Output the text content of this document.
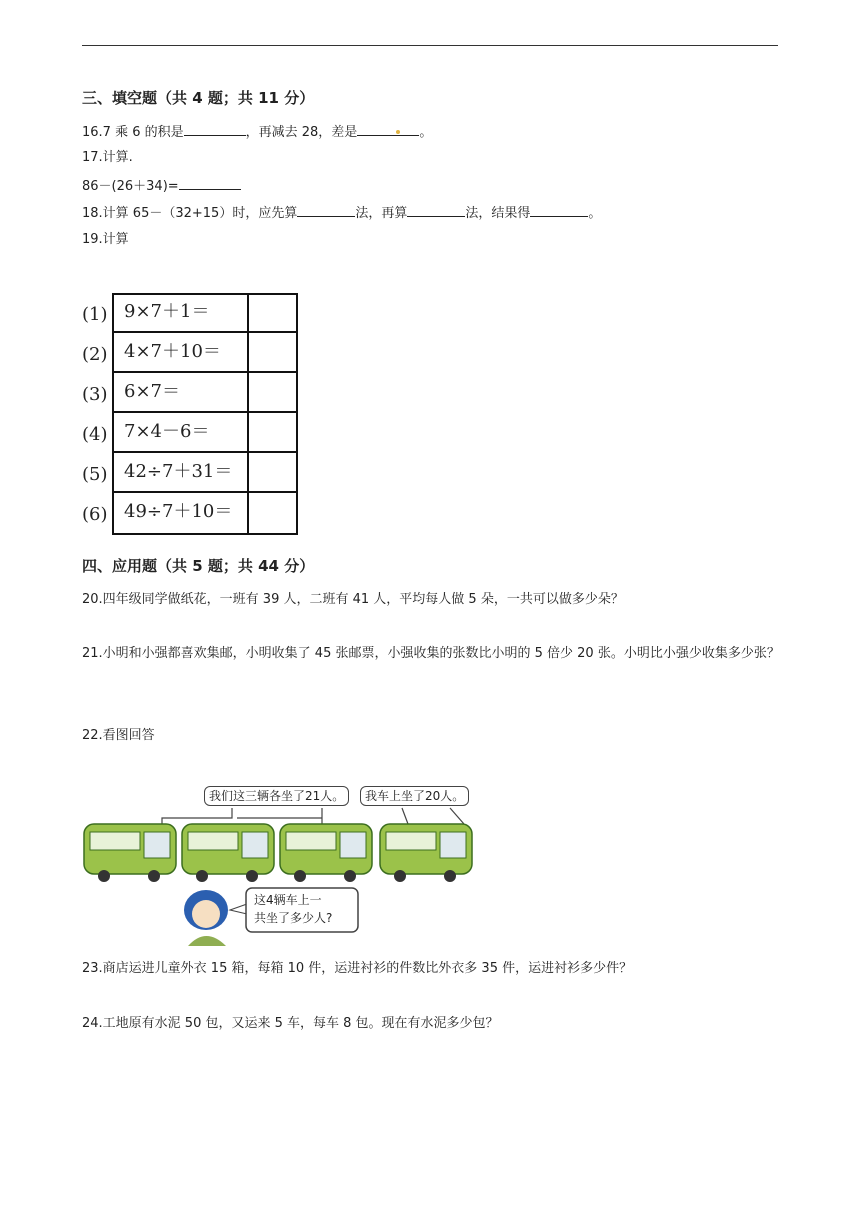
三、填空题（共 4 题；共 11 分）
16.7 乘 6 的积是	，再减去 28，差是	。
17.计算.
86－(26＋34)=
18.计算 65－（32+15）时，应先算	法，再算	法，结果得	。
19.计算
(1) 9×7＋1＝
(2) 4×7＋10＝
(3) 6×7＝
(4) 7×4－6＝
(5) 42÷7＋31＝
(6) 49÷7＋10＝
四、应用题（共 5 题；共 44 分）
20.四年级同学做纸花，一班有 39 人，二班有 41 人，平均每人做 5 朵，一共可以做多少朵？
21.小明和小强都喜欢集邮，小明收集了 45 张邮票，小强收集的张数比小明的 5 倍少 20 张。小明比小强少收集多少张？
22.看图回答
我们这三辆各坐了21人。	我车上坐了20人。
这4辆车上一
共坐了多少人?
23.商店运进儿童外衣 15 箱，每箱 10 件，运进衬衫的件数比外衣多 35 件，运进衬衫多少件？
24.工地原有水泥 50 包，又运来 5 车，每车 8 包。现在有水泥多少包？
